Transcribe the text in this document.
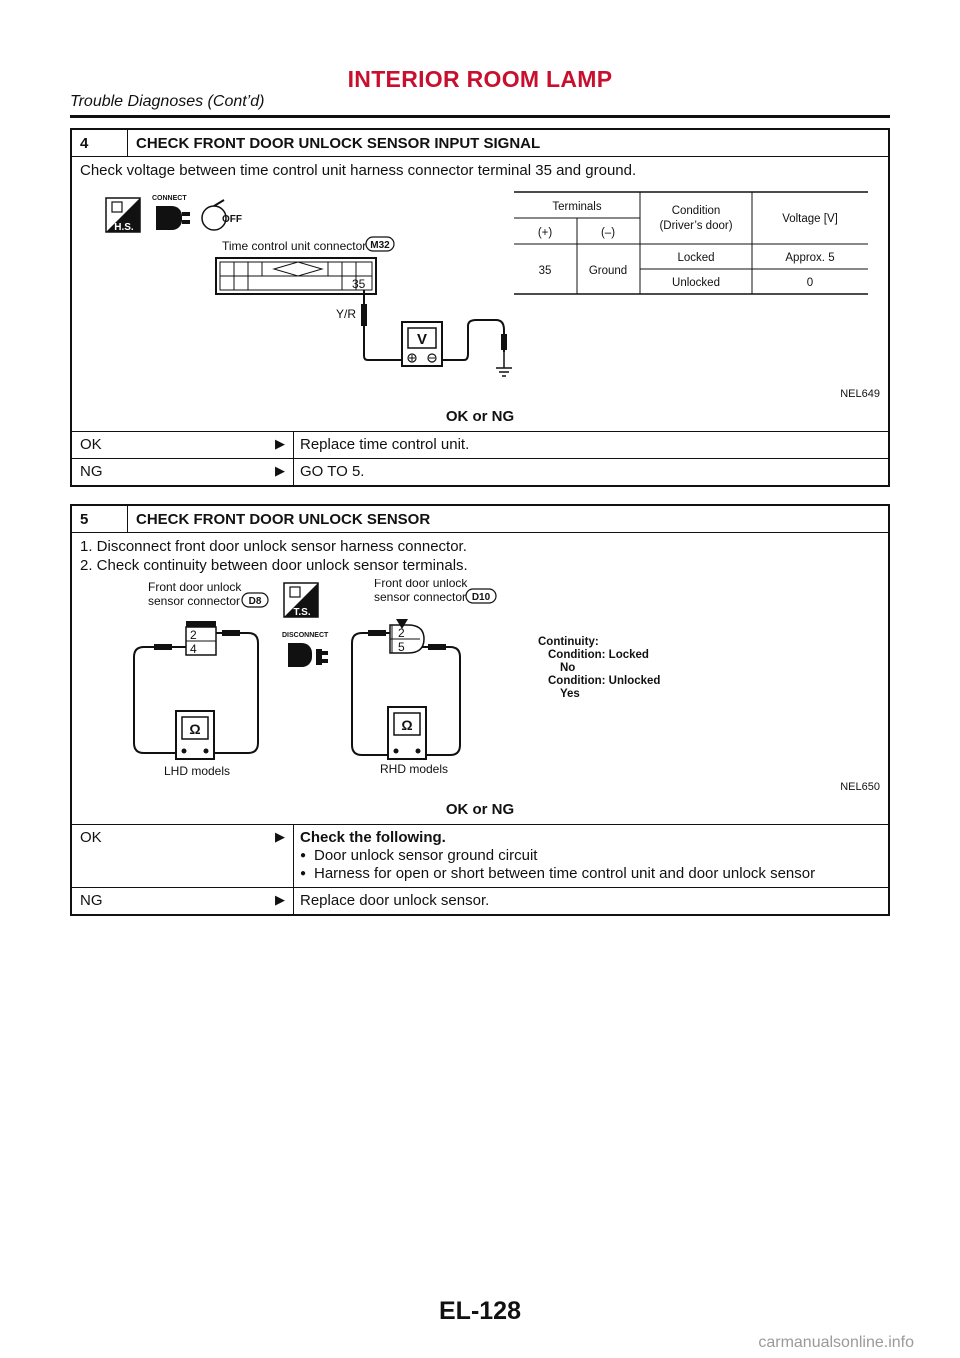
INTERIOR ROOM LAMP
Trouble Diagnoses (Cont’d)
4	CHECK FRONT DOOR UNLOCK SENSOR INPUT SIGNAL
Check voltage between time control unit harness connector terminal 35 and ground.
H.S.
CONNECT
OFF
Time control unit connector M32
35
Y/R
V
Terminals
(+)	(–)
Condition
(Driver’s door)
Voltage [V]
35	Ground
Locked	Approx. 5
Unlocked	0
NEL649
OK or NG
OK	▶	Replace time control unit.
NG	▶	GO TO 5.
5	CHECK FRONT DOOR UNLOCK SENSOR
1. Disconnect front door unlock sensor harness connector.
2. Check continuity between door unlock sensor terminals.
Front door unlock
sensor connector D8
T.S.
2
4
Ω
LHD models
DISCONNECT
Front door unlock
sensor connector D10
2
5
Ω
RHD models
Continuity:
Condition: Locked
No
Condition: Unlocked
Yes
NEL650
OK or NG
OK	▶ Check the following.
● Door unlock sensor ground circuit
● Harness for open or short between time control unit and door unlock sensor
NG	▶	Replace door unlock sensor.
EL-128
carmanualsonline.info
